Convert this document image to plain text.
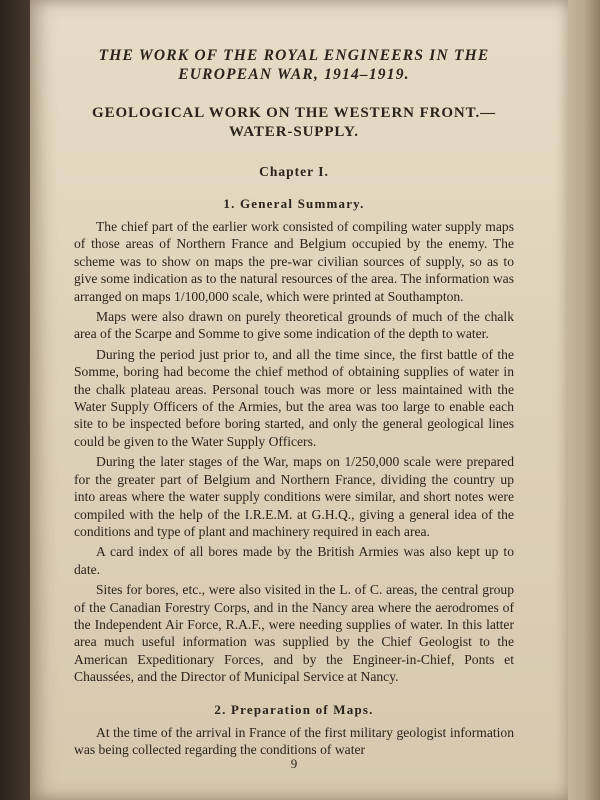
THE WORK OF THE ROYAL ENGINEERS IN THE EUROPEAN WAR, 1914–1919.
GEOLOGICAL WORK ON THE WESTERN FRONT.— WATER-SUPPLY.
Chapter I.
1. General Summary.

The chief part of the earlier work consisted of compiling water supply maps of those areas of Northern France and Belgium occupied by the enemy. The scheme was to show on maps the pre-war civilian sources of supply, so as to give some indication as to the natural resources of the area. The information was arranged on maps 1/100,000 scale, which were printed at Southampton.

Maps were also drawn on purely theoretical grounds of much of the chalk area of the Scarpe and Somme to give some indication of the depth to water.

During the period just prior to, and all the time since, the first battle of the Somme, boring had become the chief method of obtaining supplies of water in the chalk plateau areas. Personal touch was more or less maintained with the Water Supply Officers of the Armies, but the area was too large to enable each site to be inspected before boring started, and only the general geological lines could be given to the Water Supply Officers.

During the later stages of the War, maps on 1/250,000 scale were prepared for the greater part of Belgium and Northern France, dividing the country up into areas where the water supply conditions were similar, and short notes were compiled with the help of the I.R.E.M. at G.H.Q., giving a general idea of the conditions and type of plant and machinery required in each area.

A card index of all bores made by the British Armies was also kept up to date.

Sites for bores, etc., were also visited in the L. of C. areas, the central group of the Canadian Forestry Corps, and in the Nancy area where the aerodromes of the Independent Air Force, R.A.F., were needing supplies of water. In this latter area much useful information was supplied by the Chief Geologist to the American Expeditionary Forces, and by the Engineer-in-Chief, Ponts et Chaussées, and the Director of Municipal Service at Nancy.

2. Preparation of Maps.

At the time of the arrival in France of the first military geologist information was being collected regarding the conditions of water

9
